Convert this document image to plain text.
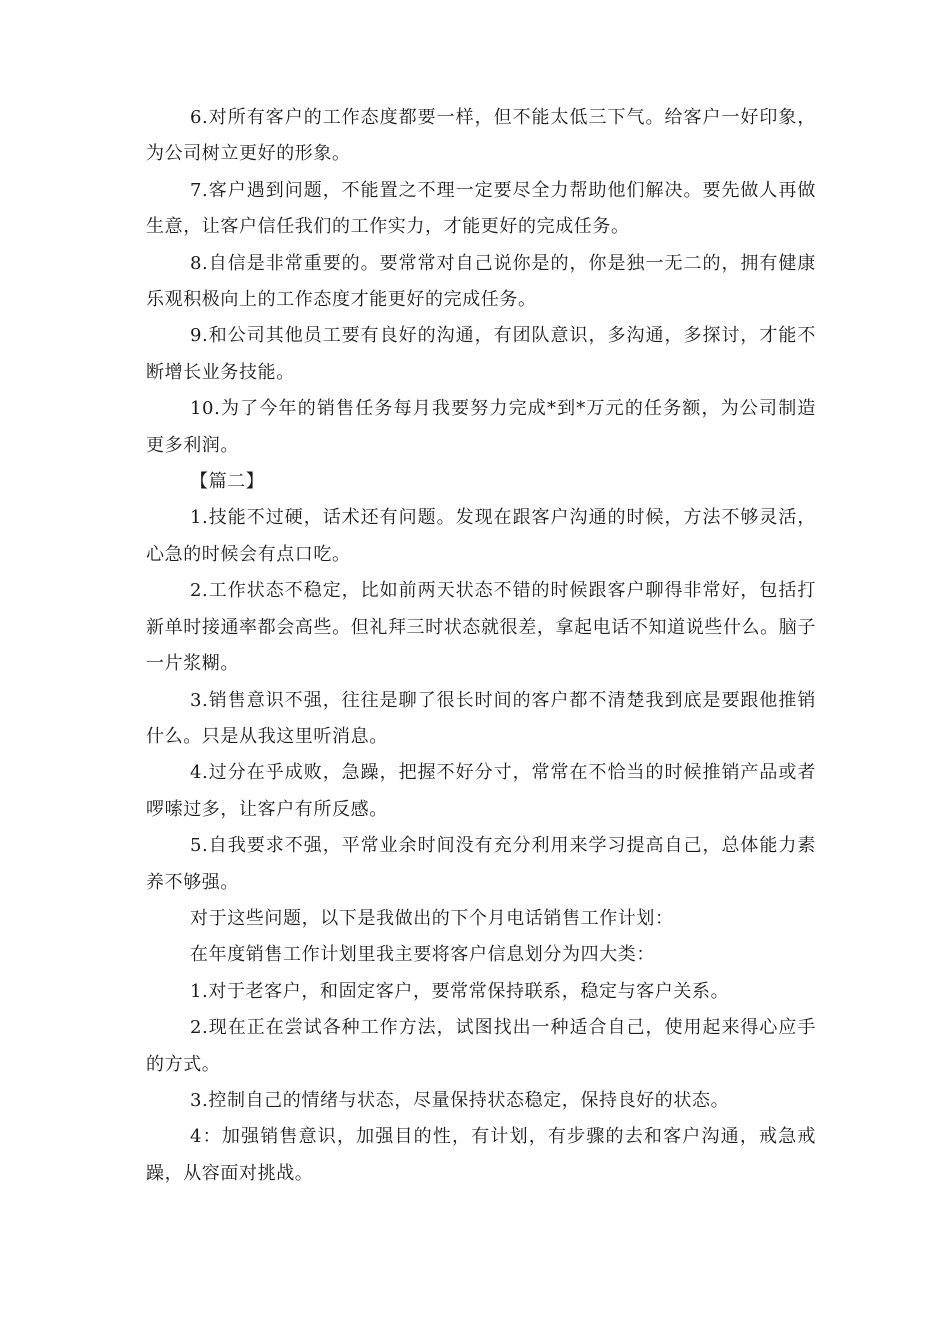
6.对所有客户的工作态度都要一样，但不能太低三下气。给客户一好印象，为公司树立更好的形象。

7.客户遇到问题，不能置之不理一定要尽全力帮助他们解决。要先做人再做生意，让客户信任我们的工作实力，才能更好的完成任务。

8.自信是非常重要的。要常常对自己说你是的，你是独一无二的，拥有健康乐观积极向上的工作态度才能更好的完成任务。

9.和公司其他员工要有良好的沟通，有团队意识，多沟通，多探讨，才能不断增长业务技能。

10.为了今年的销售任务每月我要努力完成*到*万元的任务额，为公司制造更多利润。

【篇二】

1.技能不过硬，话术还有问题。发现在跟客户沟通的时候，方法不够灵活，心急的时候会有点口吃。

2.工作状态不稳定，比如前两天状态不错的时候跟客户聊得非常好，包括打新单时接通率都会高些。但礼拜三时状态就很差，拿起电话不知道说些什么。脑子一片浆糊。

3.销售意识不强，往往是聊了很长时间的客户都不清楚我到底是要跟他推销什么。只是从我这里听消息。

4.过分在乎成败，急躁，把握不好分寸，常常在不恰当的时候推销产品或者啰嗦过多，让客户有所反感。

5.自我要求不强，平常业余时间没有充分利用来学习提高自己，总体能力素养不够强。

对于这些问题，以下是我做出的下个月电话销售工作计划：

在年度销售工作计划里我主要将客户信息划分为四大类：

1.对于老客户，和固定客户，要常常保持联系，稳定与客户关系。

2.现在正在尝试各种工作方法，试图找出一种适合自己，使用起来得心应手的方式。

3.控制自己的情绪与状态，尽量保持状态稳定，保持良好的状态。

4：加强销售意识，加强目的性，有计划，有步骤的去和客户沟通，戒急戒躁，从容面对挑战。
